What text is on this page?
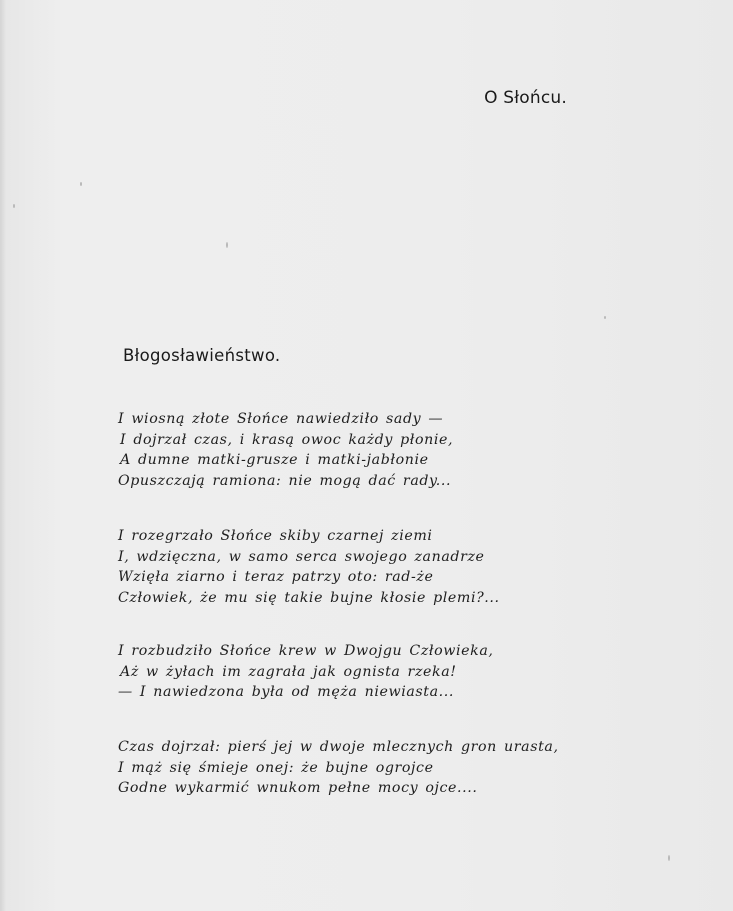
O Słońcu.
Błogosławieństwo.
I wiosną złote Słońce nawiedziło sady —
I dojrzał czas, i krasą owoc każdy płonie,
A dumne matki-grusze i matki-jabłonie
Opuszczają ramiona: nie mogą dać rady...
I rozegrzało Słońce skiby czarnej ziemi
I, wdzięczna, w samo serca swojego zanadrze
Wzięła ziarno i teraz patrzy oto: rad-że
Człowiek, że mu się takie bujne kłosie plemi?...
I rozbudziło Słońce krew w Dwojgu Człowieka,
Aż w żyłach im zagrała jak ognista rzeka!
— I nawiedzona była od męża niewiasta...
Czas dojrzał: pierś jej w dwoje mlecznych gron urasta,
I mąż się śmieje onej: że bujne ogrojce
Godne wykarmić wnukom pełne mocy ojce....
